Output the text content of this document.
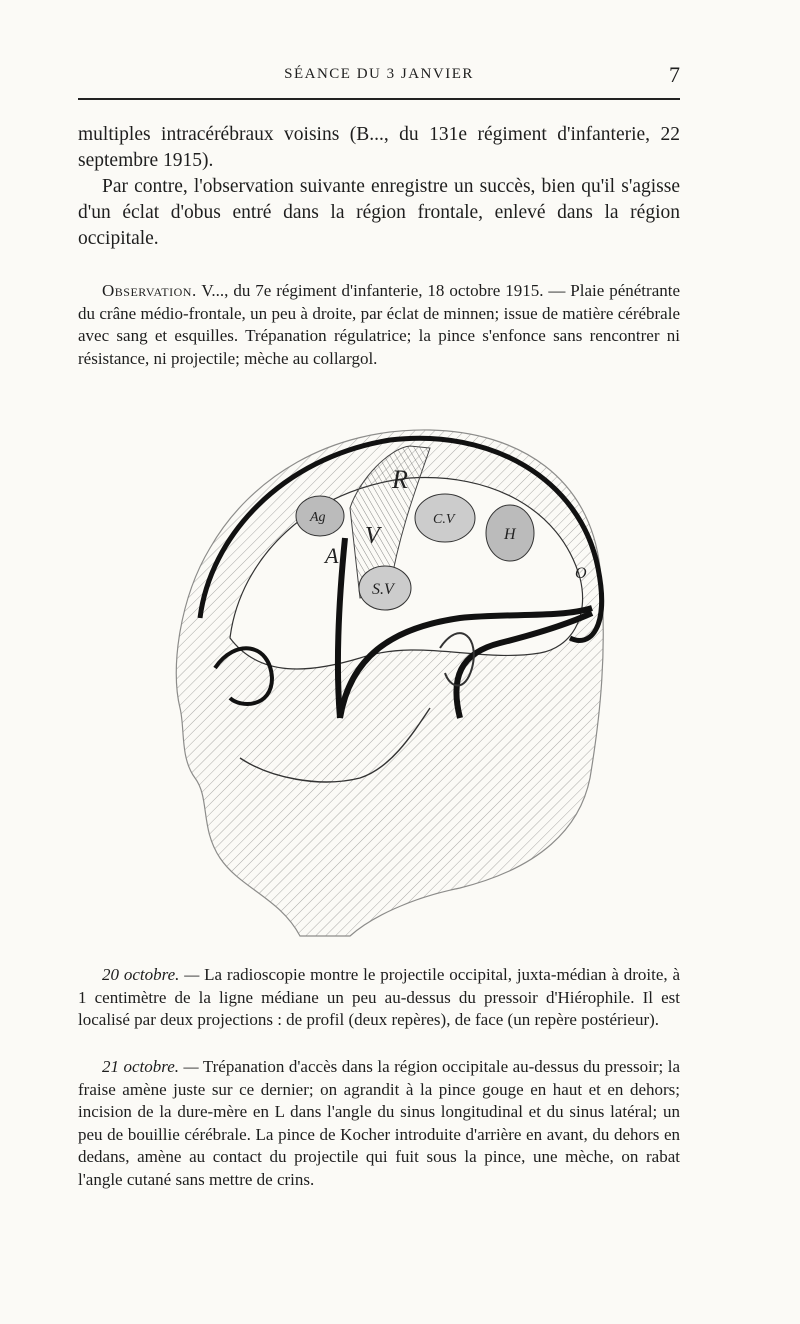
SÉANCE DU 3 JANVIER	7

multiples intracérébraux voisins (B..., du 131e régiment d'infanterie, 22 septembre 1915).

Par contre, l'observation suivante enregistre un succès, bien qu'il s'agisse d'un éclat d'obus entré dans la région frontale, enlevé dans la région occipitale.

Observation. V..., du 7e régiment d'infanterie, 18 octobre 1915. — Plaie pénétrante du crâne médio-frontale, un peu à droite, par éclat de minnen; issue de matière cérébrale avec sang et esquilles. Trépanation régulatrice; la pince s'enfonce sans rencontrer ni résistance, ni projectile; mèche au collargol.

Ag
R
A
V
S.V
C.V
H
O

20 octobre. — La radioscopie montre le projectile occipital, juxta-médian à droite, à 1 centimètre de la ligne médiane un peu au-dessus du pressoir d'Hiérophile. Il est localisé par deux projections : de profil (deux repères), de face (un repère postérieur).

21 octobre. — Trépanation d'accès dans la région occipitale au-dessus du pressoir; la fraise amène juste sur ce dernier; on agrandit à la pince gouge en haut et en dehors; incision de la dure-mère en L dans l'angle du sinus longitudinal et du sinus latéral; un peu de bouillie cérébrale. La pince de Kocher introduite d'arrière en avant, du dehors en dedans, amène au contact du projectile qui fuit sous la pince, une mèche, on rabat l'angle cutané sans mettre de crins.
